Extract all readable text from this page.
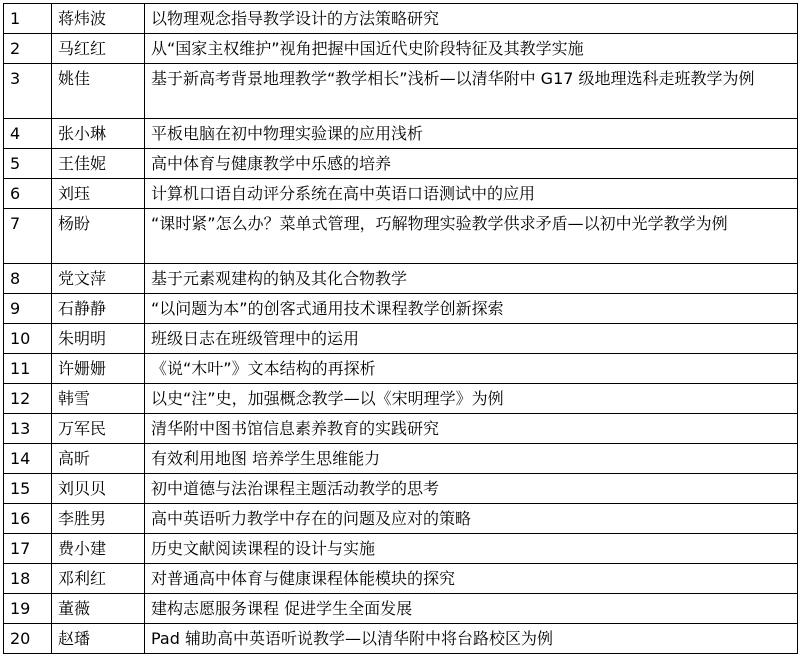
1	蒋炜波	以物理观念指导教学设计的方法策略研究
2	马红红	从“国家主权维护”视角把握中国近代史阶段特征及其教学实施
3	姚佳	基于新高考背景地理教学“教学相长”浅析—以清华附中 G17 级地理选科走班教学为例
4	张小琳	平板电脑在初中物理实验课的应用浅析
5	王佳妮	高中体育与健康教学中乐感的培养
6	刘珏	计算机口语自动评分系统在高中英语口语测试中的应用
7	杨盼	“课时紧”怎么办？菜单式管理，巧解物理实验教学供求矛盾—以初中光学教学为例
8	党文萍	基于元素观建构的钠及其化合物教学
9	石静静	“以问题为本”的创客式通用技术课程教学创新探索
10	朱明明	班级日志在班级管理中的运用
11	许姗姗	《说“木叶”》文本结构的再探析
12	韩雪	以史“注”史，加强概念教学—以《宋明理学》为例
13	万军民	清华附中图书馆信息素养教育的实践研究
14	高昕	有效利用地图 培养学生思维能力
15	刘贝贝	初中道德与法治课程主题活动教学的思考
16	李胜男	高中英语听力教学中存在的问题及应对的策略
17	费小建	历史文献阅读课程的设计与实施
18	邓利红	对普通高中体育与健康课程体能模块的探究
19	董薇	建构志愿服务课程 促进学生全面发展
20	赵璠	Pad 辅助高中英语听说教学—以清华附中将台路校区为例
